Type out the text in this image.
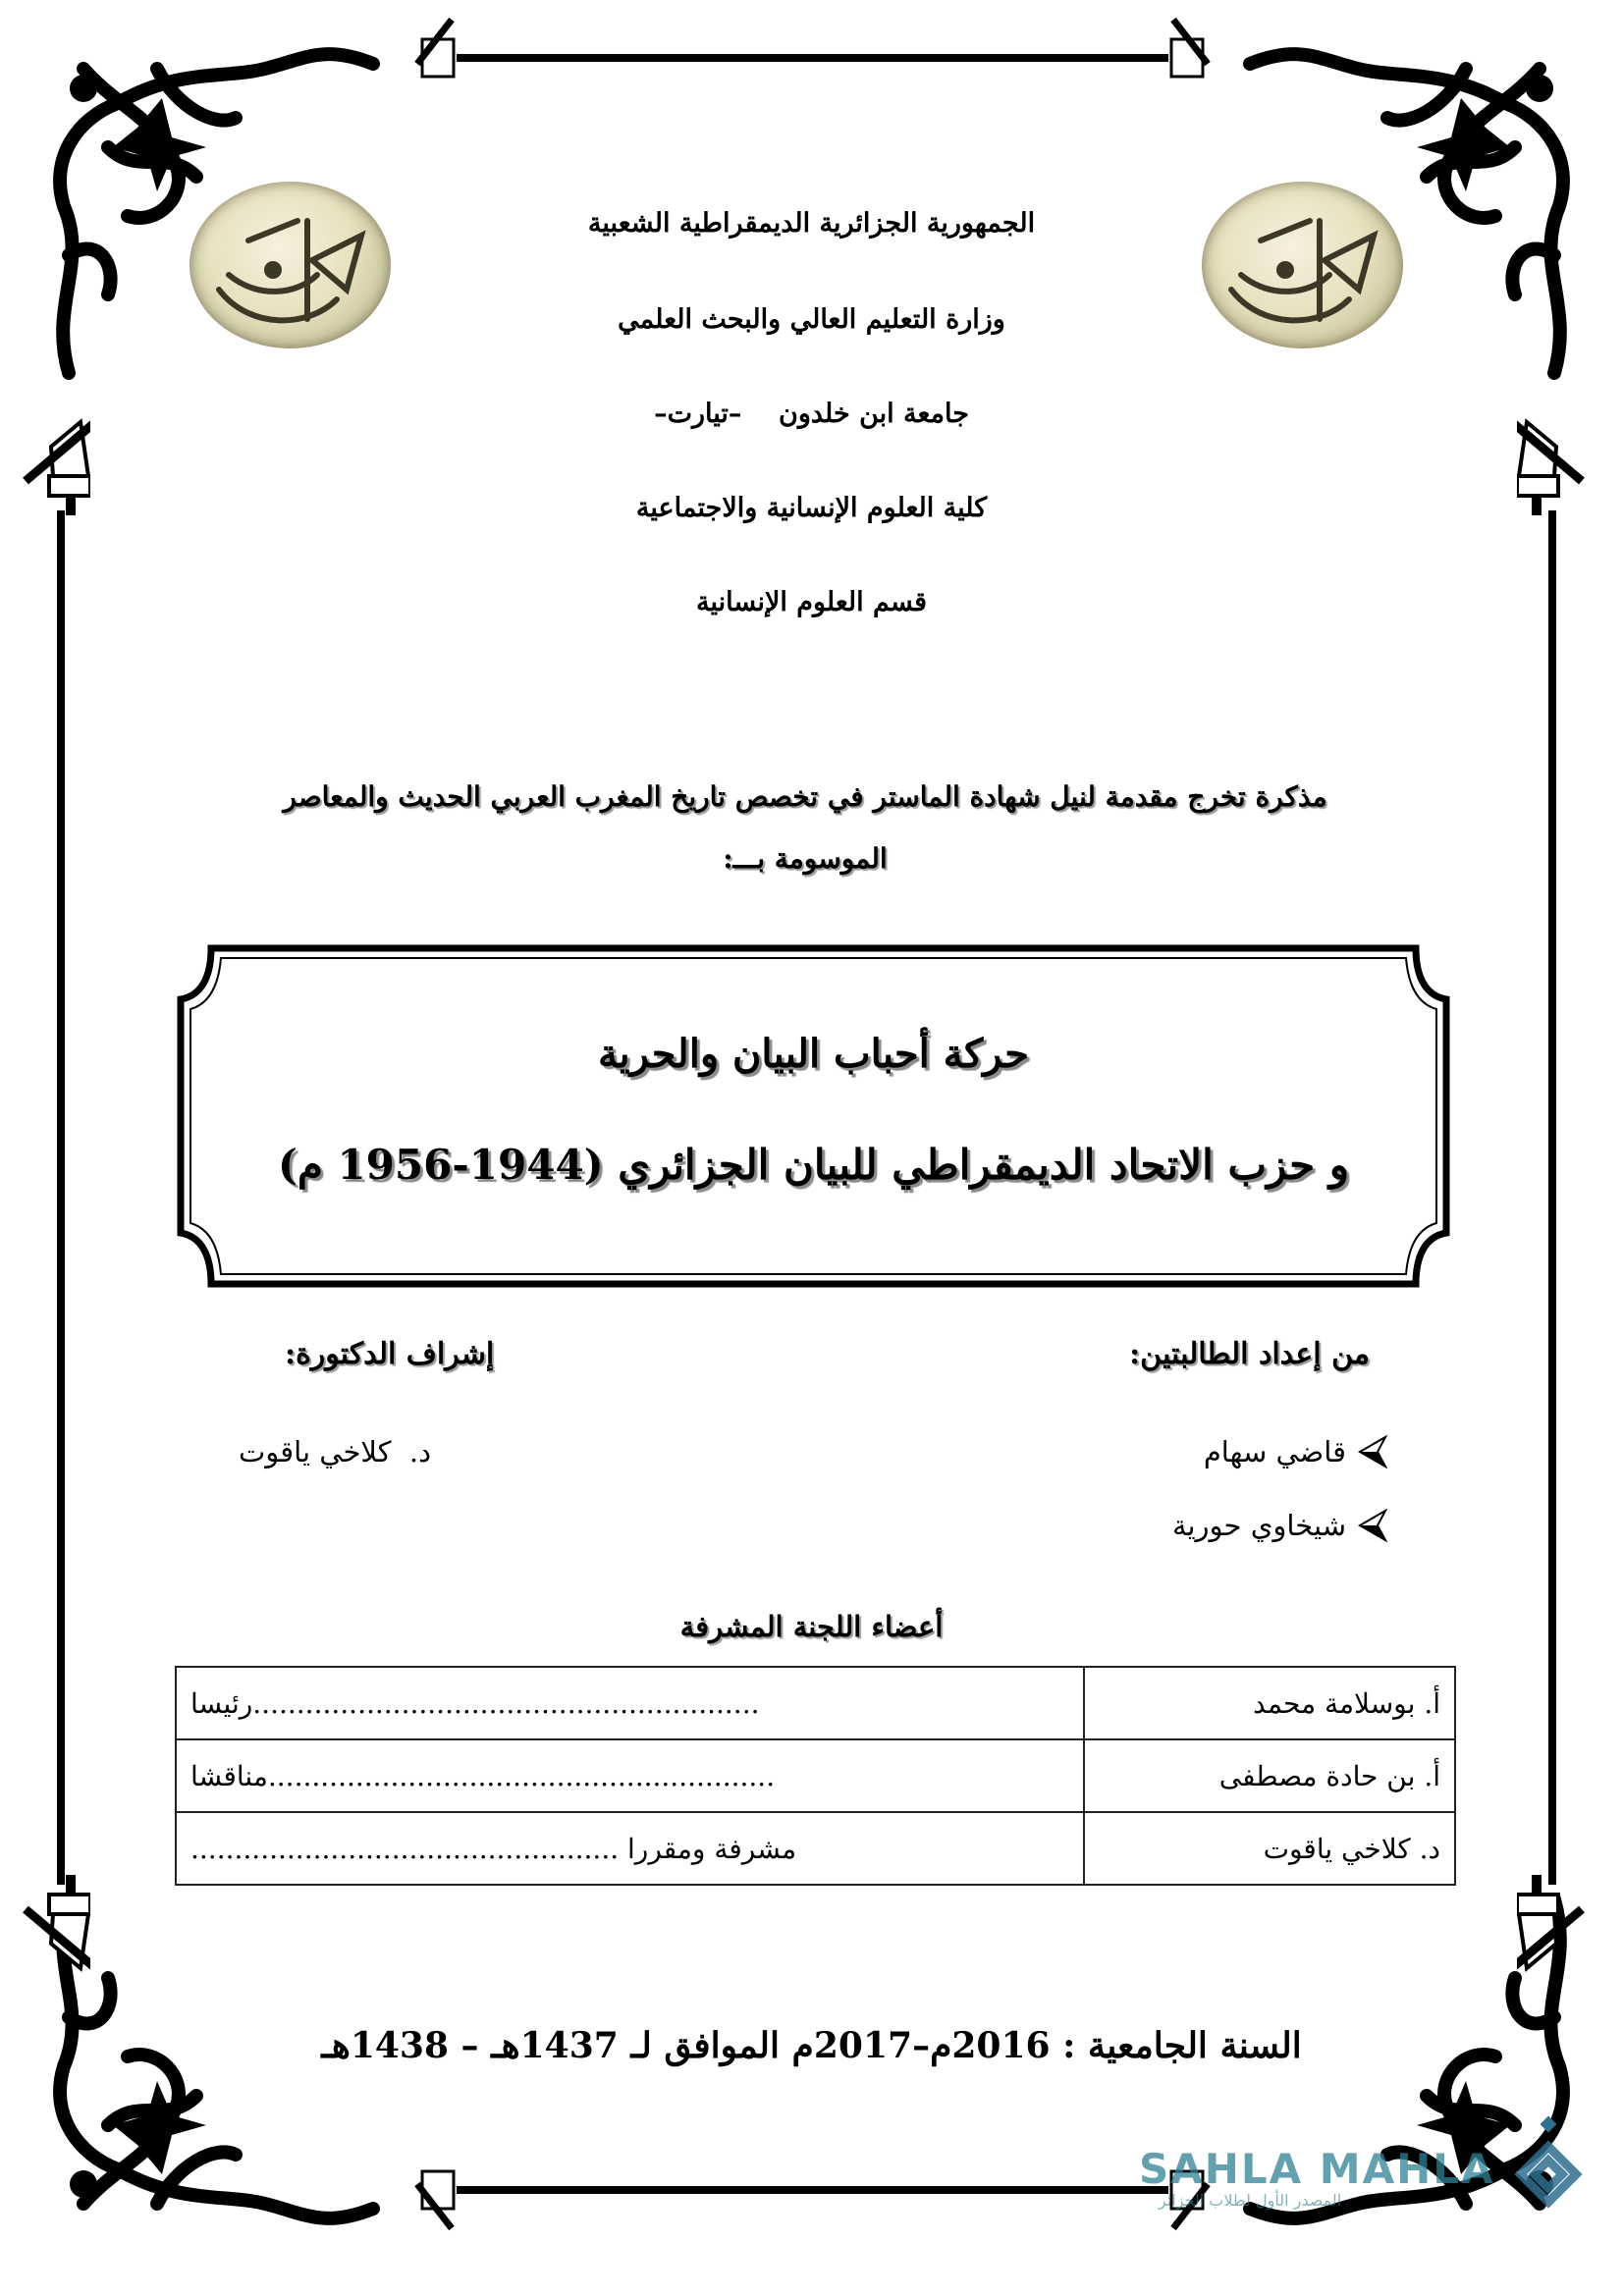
الجمهورية الجزائرية الديمقراطية الشعبية
وزارة التعليم العالي والبحث العلمي
جامعة ابن خلدون    –تيارت–
كلية العلوم الإنسانية والاجتماعية
قسم العلوم الإنسانية
مذكرة تخرج مقدمة لنيل شهادة الماستر في تخصص تاريخ المغرب العربي الحديث والمعاصر
الموسومة بـــ:
حركة أحباب البيان والحرية
و حزب الاتحاد الديمقراطي للبيان الجزائري (1944-1956 م)
من إعداد الطالبتين:
إشراف الدكتورة:
قاضي سهام
شيخاوي حورية
د.  كلاخي ياقوت
أعضاء اللجنة المشرفة
أ. بوسلامة محمد	..........................................................رئيسا
أ. بن حادة مصطفى	..........................................................مناقشا
د. كلاخي ياقوت	مشرفة ومقررا .................................................
السنة الجامعية : 2016م–2017م الموافق لـ 1437هـ – 1438هـ
SAHLA MAHLA
المصدر الأول لطلاب الجزائر
